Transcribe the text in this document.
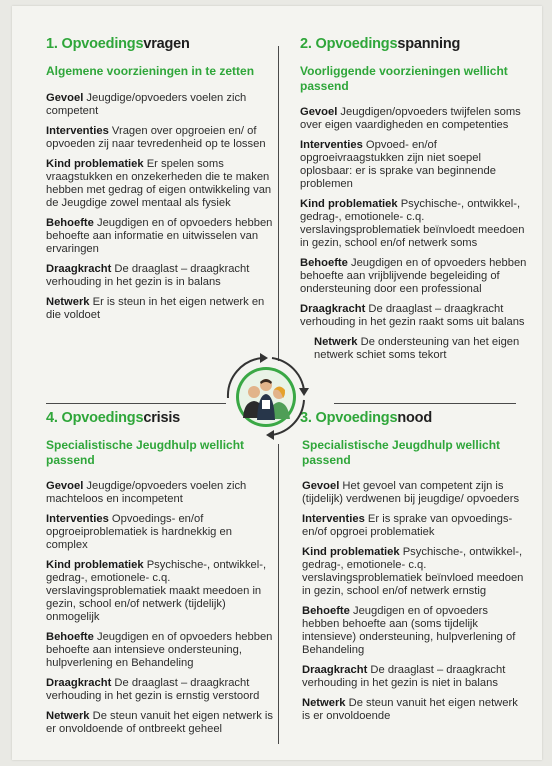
1. Opvoedingsvragen
Algemene voorzieningen in te zetten
Gevoel Jeugdige/opvoeders voelen zich competent
Interventies Vragen over opgroeien en/ of opvoeden zij naar tevredenheid op te lossen
Kind problematiek Er spelen soms vraagstukken en onzekerheden die te maken hebben met gedrag of eigen ontwikkeling van de Jeugdige zowel mentaal als fysiek
Behoefte Jeugdigen en of opvoeders hebben behoefte aan informatie en uitwisselen van ervaringen
Draagkracht De draaglast – draagkracht verhouding in het gezin is in balans
Netwerk Er is steun in het eigen netwerk en die voldoet
2. Opvoedingsspanning
Voorliggende voorzieningen wellicht passend
Gevoel Jeugdigen/opvoeders twijfelen soms over eigen vaardigheden en competenties
Interventies Opvoed- en/of opgroeivraagstukken zijn niet soepel oplosbaar: er is sprake van beginnende problemen
Kind problematiek Psychische-, ontwikkel-, gedrag-, emotionele- c.q. verslavingsproblematiek beïnvloedt meedoen in gezin, school en/of netwerk soms
Behoefte Jeugdigen en of opvoeders hebben behoefte aan vrijblijvende begeleiding of ondersteuning door een professional
Draagkracht De draaglast – draagkracht verhouding in het gezin raakt soms uit balans
Netwerk De ondersteuning van het eigen netwerk schiet soms tekort
4. Opvoedingscrisis
Specialistische Jeugdhulp wellicht passend
Gevoel Jeugdige/opvoeders voelen zich machteloos en incompetent
Interventies Opvoedings- en/of opgroeiproblematiek is hardnekkig en complex
Kind problematiek Psychische-, ontwikkel-, gedrag-, emotionele- c.q. verslavingsproblematiek maakt meedoen in gezin, school en/of netwerk (tijdelijk) onmogelijk
Behoefte Jeugdigen en of opvoeders hebben behoefte aan intensieve ondersteuning, hulpverlening en Behandeling
Draagkracht De draaglast – draagkracht verhouding in het gezin is ernstig verstoord
Netwerk De steun vanuit het eigen netwerk is er onvoldoende of ontbreekt geheel
3. Opvoedingsnood
Specialistische Jeugdhulp wellicht passend
Gevoel Het gevoel van competent zijn is (tijdelijk) verdwenen bij jeugdige/ opvoeders
Interventies Er is sprake van opvoedings- en/of opgroei problematiek
Kind problematiek Psychische-, ontwikkel-, gedrag-, emotionele- c.q. verslavingsproblematiek beïnvloed meedoen in gezin, school en/of netwerk ernstig
Behoefte Jeugdigen en of opvoeders hebben behoefte aan (soms tijdelijk intensieve) ondersteuning, hulpverlening of Behandeling
Draagkracht De draaglast – draagkracht verhouding in het gezin is niet in balans
Netwerk De steun vanuit het eigen netwerk is er onvoldoende
